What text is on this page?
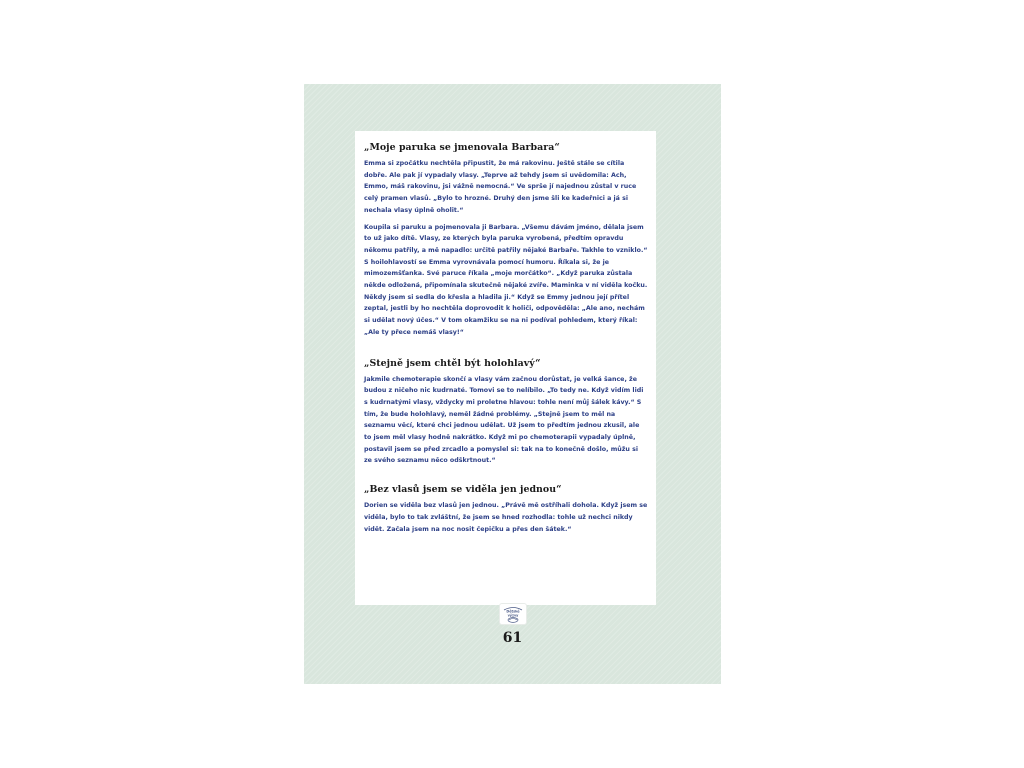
„Moje paruka se jmenovala Barbara“

Emma si zpočátku nechtěla připustit, že má rakovinu. Ještě stále se cítila dobře. Ale pak jí vypadaly vlasy. „Teprve až tehdy jsem si uvědomila: Ach, Emmo, máš rakovinu, jsi vážně nemocná.“ Ve sprše jí najednou zůstal v ruce celý pramen vlasů. „Bylo to hrozné. Druhý den jsme šli ke kadeřnici a já si nechala vlasy úplně oholit.“

Koupila si paruku a pojmenovala ji Barbara. „Všemu dávám jméno, dělala jsem to už jako dítě. Vlasy, ze kterých byla paruka vyrobená, předtím opravdu někomu patřily, a mě napadlo: určitě patřily nějaké Barbaře. Takhle to vzniklo.“ S hoilohlavostí se Emma vyrovnávala pomocí humoru. Říkala si, že je mimozemšťanka. Své paruce říkala „moje morčátko“. „Když paruka zůstala někde odložená, připomínala skutečně nějaké zvíře. Maminka v ní viděla kočku. Někdy jsem si sedla do křesla a hladila ji.“ Když se Emmy jednou její přítel zeptal, jestli by ho nechtěla doprovodit k holiči, odpověděla: „Ale ano, nechám si udělat nový účes.“ V tom okamžiku se na ni podíval pohledem, který říkal: „Ale ty přece nemáš vlasy!“

„Stejně jsem chtěl být holohlavý“

Jakmile chemoterapie skončí a vlasy vám začnou dorůstat, je velká šance, že budou z ničeho nic kudrnaté. Tomovi se to nelíbilo. „To tedy ne. Když vidím lidi s kudrnatými vlasy, vždycky mi proletne hlavou: tohle není můj šálek kávy.“ S tím, že bude holohlavý, neměl žádné problémy. „Stejně jsem to měl na seznamu věcí, které chci jednou udělat. Už jsem to předtím jednou zkusil, ale to jsem měl vlasy hodně nakrátko. Když mi po chemoterapii vypadaly úplně, postavil jsem se před zrcadlo a pomyslel si: tak na to konečně došlo, můžu si ze svého seznamu něco odškrtnout.“

„Bez vlasů jsem se viděla jen jednou“

Dorien se viděla bez vlasů jen jednou. „Právě mě ostříhali dohola. Když jsem se viděla, bylo to tak zvláštní, že jsem se hned rozhodla: tohle už nechci nikdy vidět. Začala jsem na noc nosit čepičku a přes den šátek.“

Dětské
výzvy
61
